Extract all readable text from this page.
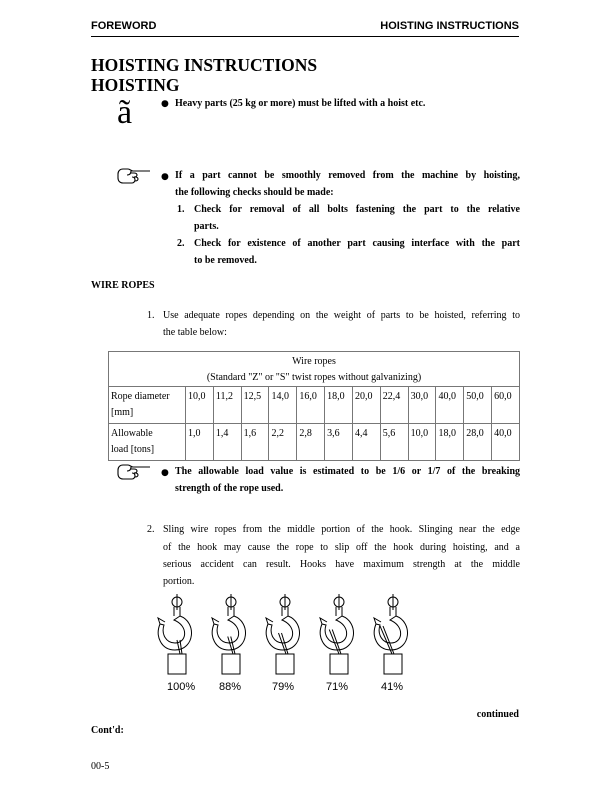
FOREWORD	HOISTING INSTRUCTIONS
HOISTING INSTRUCTIONS
HOISTING
ã	● Heavy parts (25 kg or more) must be lifted with a hoist etc.
● If a part cannot be smoothly removed from the machine by hoisting,
the following checks should be made:
1. Check for removal of all bolts fastening the part to the relative
parts.
2. Check for existence of another part causing interface with the part
to be removed.
WIRE ROPES
1. Use adequate ropes depending on the weight of parts to be hoisted, referring to
the table below:
Wire ropes
(Standard "Z" or "S" twist ropes without galvanizing)												

Rope diameter
[mm]	10,0	11,2	12,5	14,0	16,0	18,0	20,0	22,4	30,0	40,0	50,0	60,0

Allowable
load [tons]	1,0	1,4	1,6	2,2	2,8	3,6	4,4	5,6	10,0	18,0	28,0	40,0
● The allowable load value is estimated to be 1/6 or 1/7 of the breaking
strength of the rope used.
2. Sling wire ropes from the middle portion of the hook. Slinging near the edge
of the hook may cause the rope to slip off the hook during hoisting, and a
serious accident can result. Hooks have maximum strength at the middle
portion.
100% 88%	79%	71%	41%
continued
Cont'd:
00-5
